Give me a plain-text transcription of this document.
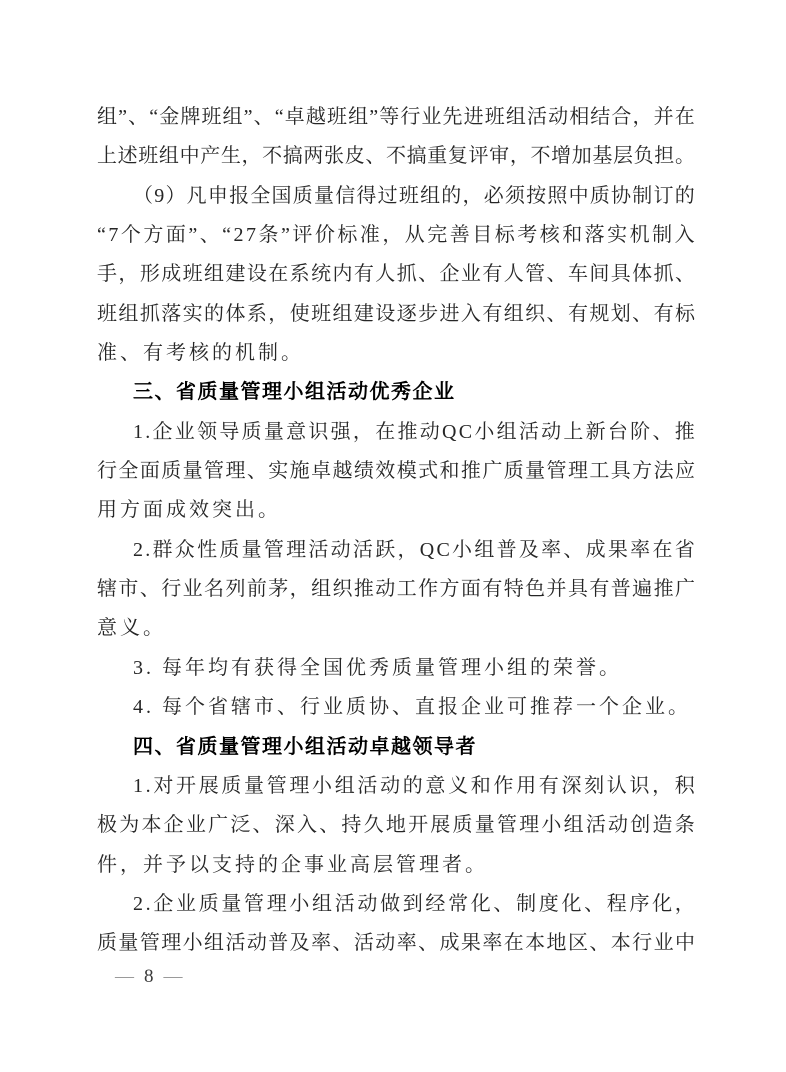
组 ” 、 “ 金 牌 班 组 ” 、 “ 卓 越 班 组 ” 等 行 业 先 进 班 组 活 动 相 结 合 ， 并 在
上 述 班 组 中 产 生 ， 不 搞 两 张 皮 、 不 搞 重 复 评 审 ， 不 增 加 基 层 负 担 。
（ 9 ） 凡 申 报 全 国 质 量 信 得 过 班 组 的 ， 必 须 按 照 中 质 协 制 订 的
“ 7 个 方 面 ” 、 “ 2 7 条 ” 评 价 标 准 ， 从 完 善 目 标 考 核 和 落 实 机 制 入
手 ， 形 成 班 组 建 设 在 系 统 内 有 人 抓 、 企 业 有 人 管 、 车 间 具 体 抓 、
班 组 抓 落 实 的 体 系 ， 使 班 组 建 设 逐 步 进 入 有 组 织 、 有 规 划 、 有 标
准、有考核的机制。
三、省质量管理小组活动优秀企业
1 . 企 业 领 导 质 量 意 识 强 ， 在 推 动 Q C 小 组 活 动 上 新 台 阶 、 推
行 全 面 质 量 管 理 、 实 施 卓 越 绩 效 模 式 和 推 广 质 量 管 理 工 具 方 法 应
用方面成效突出。
2 . 群 众 性 质 量 管 理 活 动 活 跃 ， Q C 小 组 普 及 率 、 成 果 率 在 省
辖 市 、 行 业 名 列 前 茅 ， 组 织 推 动 工 作 方 面 有 特 色 并 具 有 普 遍 推 广
意义。
3. 每年均有获得全国优秀质量管理小组的荣誉。
4. 每个省辖市、行业质协、直报企业可推荐一个企业。
四、省质量管理小组活动卓越领导者
1 . 对 开 展 质 量 管 理 小 组 活 动 的 意 义 和 作 用 有 深 刻 认 识 ， 积
极 为 本 企 业 广 泛 、 深 入 、 持 久 地 开 展 质 量 管 理 小 组 活 动 创 造 条
件，并予以支持的企事业高层管理者。
2 . 企 业 质 量 管 理 小 组 活 动 做 到 经 常 化 、 制 度 化 、 程 序 化 ，
质 量 管 理 小 组 活 动 普 及 率 、 活 动 率 、 成 果 率 在 本 地 区 、 本 行 业 中
— 8 —
